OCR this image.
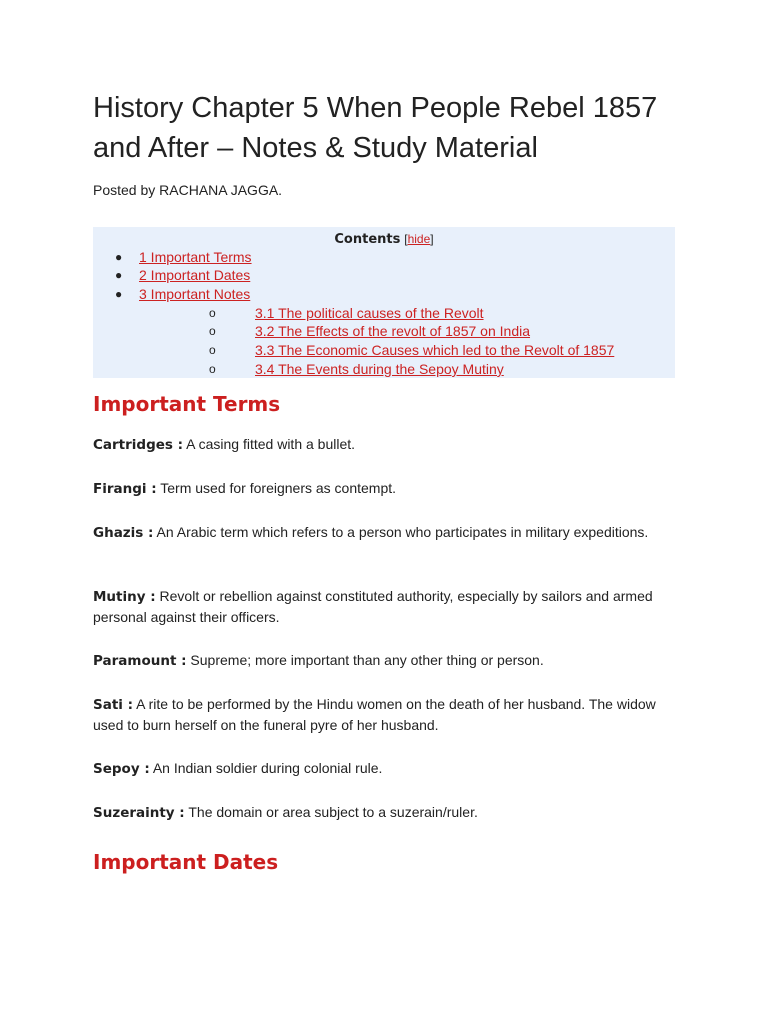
History Chapter 5 When People Rebel 1857 and After – Notes & Study Material
Posted by RACHANA JAGGA.
Contents [hide]
● 1 Important Terms
● 2 Important Dates
● 3 Important Notes
o	3.1 The political causes of the Revolt
o	3.2 The Effects of the revolt of 1857 on India
o	3.3 The Economic Causes which led to the Revolt of 1857
o	3.4 The Events during the Sepoy Mutiny
Important Terms
Cartridges : A casing fitted with a bullet.
Firangi : Term used for foreigners as contempt.
Ghazis : An Arabic term which refers to a person who participates in military expeditions.
Mutiny : Revolt or rebellion against constituted authority, especially by sailors and armed personal against their officers.
Paramount : Supreme; more important than any other thing or person.
Sati : A rite to be performed by the Hindu women on the death of her husband. The widow used to burn herself on the funeral pyre of her husband.
Sepoy : An Indian soldier during colonial rule.
Suzerainty : The domain or area subject to a suzerain/ruler.
Important Dates
